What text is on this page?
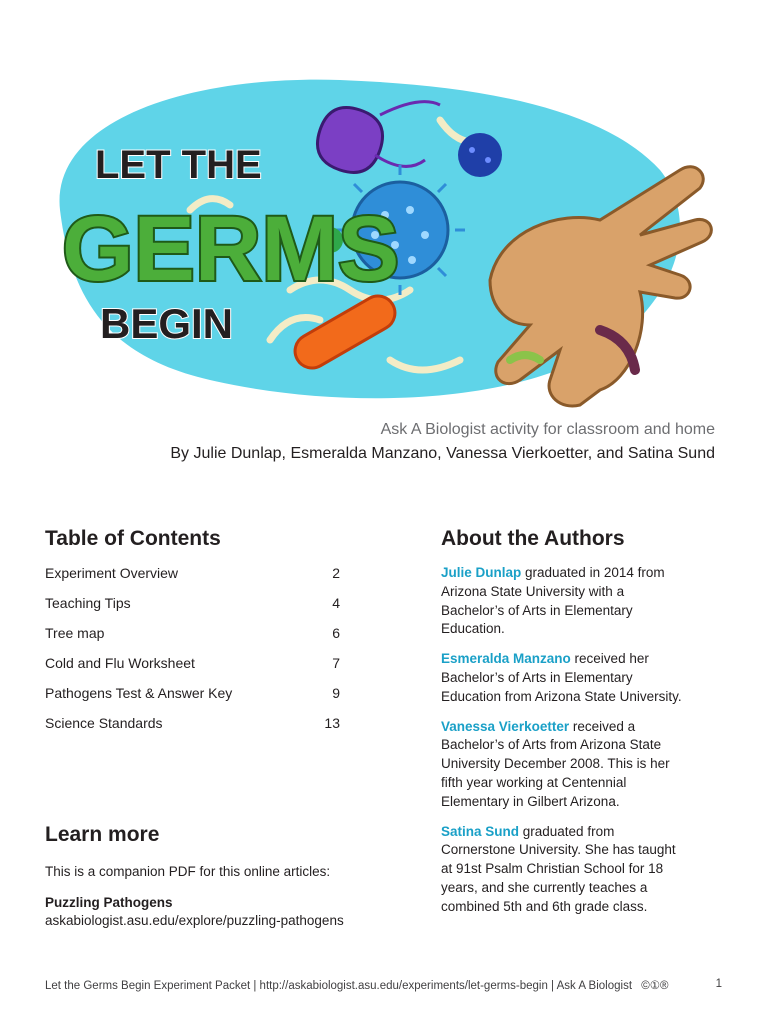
LET THE
GERMS
BEGIN
Ask A Biologist activity for classroom and home
By Julie Dunlap, Esmeralda Manzano, Vanessa Vierkoetter, and Satina Sund
Table of Contents
Experiment Overview	2
Teaching Tips	4
Tree map	6
Cold and Flu Worksheet	7
Pathogens Test & Answer Key	9
Science Standards	13
Learn more
This is a companion PDF for this online articles:
Puzzling Pathogens
askabiologist.asu.edu/explore/puzzling-pathogens
About the Authors
Julie Dunlap graduated in 2014 from Arizona State University with a Bachelor’s of Arts in Elementary Education.
Esmeralda Manzano received her Bachelor’s of Arts in Elementary Education from Arizona State University.
Vanessa Vierkoetter received a Bachelor’s of Arts from Arizona State University December 2008. This is her fifth year working at Centennial Elementary in Gilbert Arizona.
Satina Sund graduated from Cornerstone University. She has taught at 91st Psalm Christian School for 18 years, and she currently teaches a combined 5th and 6th grade class.
Let the Germs Begin Experiment Packet | http://askabiologist.asu.edu/experiments/let-germs-begin | Ask A Biologist ©①®	1
